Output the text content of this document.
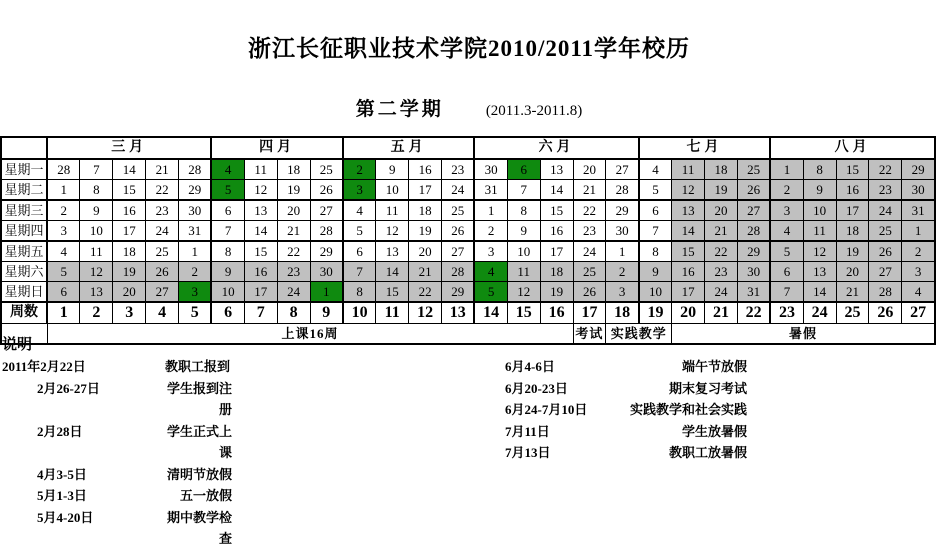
浙江长征职业技术学院2010/2011学年校历
第二学期	(2011.3-2011.8)
	三月					四月				五月				六月					七月				八月				
星期一	28	7	14	21	28	4	11	18	25	2	9	16	23	30	6	13	20	27	4	11	18	25	1	8	15	22	29
星期二	1	8	15	22	29	5	12	19	26	3	10	17	24	31	7	14	21	28	5	12	19	26	2	9	16	23	30
星期三	2	9	16	23	30	6	13	20	27	4	11	18	25	1	8	15	22	29	6	13	20	27	3	10	17	24	31
星期四	3	10	17	24	31	7	14	21	28	5	12	19	26	2	9	16	23	30	7	14	21	28	4	11	18	25	1
星期五	4	11	18	25	1	8	15	22	29	6	13	20	27	3	10	17	24	1	8	15	22	29	5	12	19	26	2
星期六	5	12	19	26	2	9	16	23	30	7	14	21	28	4	11	18	25	2	9	16	23	30	6	13	20	27	3
星期日	6	13	20	27	3	10	17	24	1	8	15	22	29	5	12	19	26	3	10	17	24	31	7	14	21	28	4
周数	1	2	3	4	5	6	7	8	9	10	11	12	13	14	15	16	17	18	19	20	21	22	23	24	25	26	27
	上课16周																考试	实践教学		暑假							
说明
2011年2月22日	教职工报到
2月26-27日	学生报到注册
2月28日	学生正式上课
4月3-5日	清明节放假
5月1-3日	五一放假
5月4-20日	期中教学检查
6月4-6日	端午节放假
6月20-23日	期末复习考试
6月24-7月10日	实践教学和社会实践
7月11日	学生放暑假
7月13日	教职工放暑假
